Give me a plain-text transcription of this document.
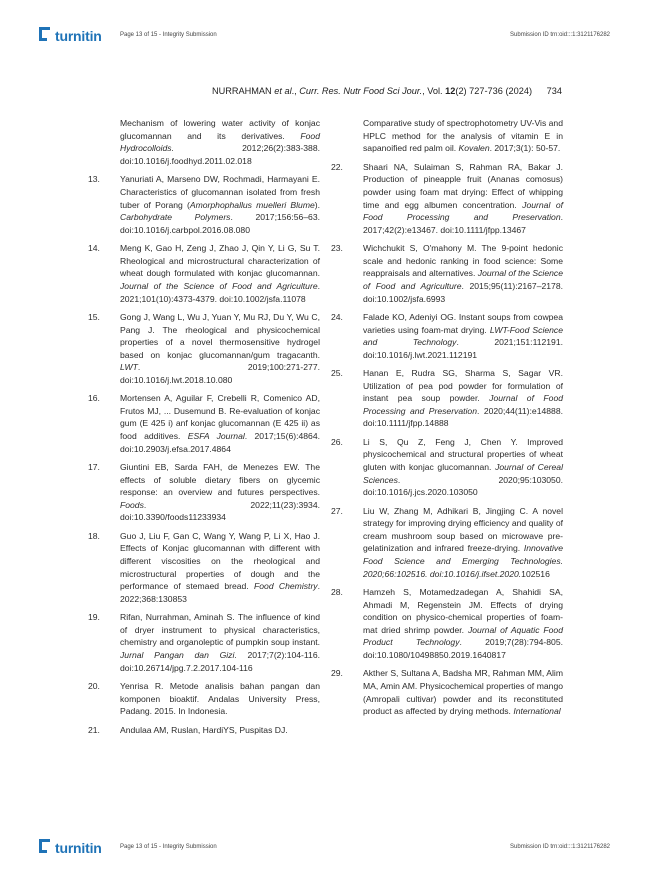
turnitin	Page 13 of 15 - Integrity Submission	Submission ID trn:oid:::1:3121176282
NURRAHMAN et al., Curr. Res. Nutr Food Sci Jour., Vol. 12(2) 727-736 (2024) 734
Mechanism of lowering water activity of konjac glucomannan and its derivatives. Food Hydrocolloids. 2012;26(2):383-388. doi:10.1016/j.foodhyd.2011.02.018
13. Yanuriati A, Marseno DW, Rochmadi, Harmayani E. Characteristics of glucomannan isolated from fresh tuber of Porang (Amorphophallus muelleri Blume). Carbohydrate Polymers. 2017;156:56–63. doi:10.1016/j.carbpol.2016.08.080
14. Meng K, Gao H, Zeng J, Zhao J, Qin Y, Li G, Su T. Rheological and microstructural characterization of wheat dough formulated with konjac glucomannan. Journal of the Science of Food and Agriculture. 2021;101(10):4373-4379. doi:10.1002/jsfa.11078
15. Gong J, Wang L, Wu J, Yuan Y, Mu RJ, Du Y, Wu C, Pang J. The rheological and physicochemical properties of a novel thermosensitive hydrogel based on konjac glucomannan/gum tragacanth. LWT. 2019;100:271-277. doi:10.1016/j.lwt.2018.10.080
16. Mortensen A, Aguilar F, Crebelli R, Comenico AD, Frutos MJ, ... Dusemund B. Re-evaluation of konjac gum (E 425 i) anf konjac glucomannan (E 425 ii) as food additives. ESFA Journal. 2017;15(6):4864. doi:10.2903/j.efsa.2017.4864
17. Giuntini EB, Sarda FAH, de Menezes EW. The effects of soluble dietary fibers on glycemic response: an overview and futures perspectives. Foods. 2022;11(23):3934. doi:10.3390/foods11233934
18. Guo J, Liu F, Gan C, Wang Y, Wang P, Li X, Hao J. Effects of Konjac glucomannan with different with different viscosities on the rheological and microstructural properties of dough and the performance of stemaed bread. Food Chemistry. 2022;368:130853
19. Rifan, Nurrahman, Aminah S. The influence of kind of dryer instrument to physical characteristics, chemistry and organoleptic of pumpkin soup instant. Jurnal Pangan dan Gizi. 2017;7(2):104-116. doi:10.26714/jpg.7.2.2017.104-116
20. Yenrisa R. Metode analisis bahan pangan dan komponen bioaktif. Andalas University Press, Padang. 2015. In Indonesia.
21. Andulaa AM, Ruslan, HardiYS, Puspitas DJ.
Comparative study of spectrophotometry UV-Vis and HPLC method for the analysis of vitamin E in sapanoified red palm oil. Kovalen. 2017;3(1): 50-57.
22. Shaari NA, Sulaiman S, Rahman RA, Bakar J. Production of pineapple fruit (Ananas comosus) powder using foam mat drying: Effect of whipping time and egg albumen concentration. Journal of Food Processing and Preservation. 2017;42(2):e13467. doi:10.1111/jfpp.13467
23. Wichchukit S, O'mahony M. The 9-point hedonic scale and hedonic ranking in food science: Some reappraisals and alternatives. Journal of the Science of Food and Agriculture. 2015;95(11):2167–2178. doi:10.1002/jsfa.6993
24. Falade KO, Adeniyi OG. Instant soups from cowpea varieties using foam-mat drying. LWT-Food Science and Technology. 2021;151:112191. doi:10.1016/j.lwt.2021.112191
25. Hanan E, Rudra SG, Sharma S, Sagar VR. Utilization of pea pod powder for formulation of instant pea soup powder. Journal of Food Processing and Preservation. 2020;44(11):e14888. doi:10.1111/jfpp.14888
26. Li S, Qu Z, Feng J, Chen Y. Improved physicochemical and structural properties of wheat gluten with konjac glucomannan. Journal of Cereal Sciences. 2020;95:103050. doi:10.1016/j.jcs.2020.103050
27. Liu W, Zhang M, Adhikari B, Jingjing C. A novel strategy for improving drying efficiency and quality of cream mushroom soup based on microwave pre-gelatinization and infrared freeze-drying. Innovative Food Science and Emerging Technologies. 2020;66:102516. doi:10.1016/j.ifset.2020.102516
28. Hamzeh S, Motamedzadegan A, Shahidi SA, Ahmadi M, Regenstein JM. Effects of drying condition on physico-chemical properties of foam-mat dried shrimp powder. Journal of Aquatic Food Product Technology. 2019;7(28):794-805. doi:10.1080/10498850.2019.1640817
29. Akther S, Sultana A, Badsha MR, Rahman MM, Alim MA, Amin AM. Physicochemical properties of mango (Amropali cultivar) powder and its reconstituted product as affected by drying methods. International
turnitin	Page 13 of 15 - Integrity Submission	Submission ID trn:oid:::1:3121176282
